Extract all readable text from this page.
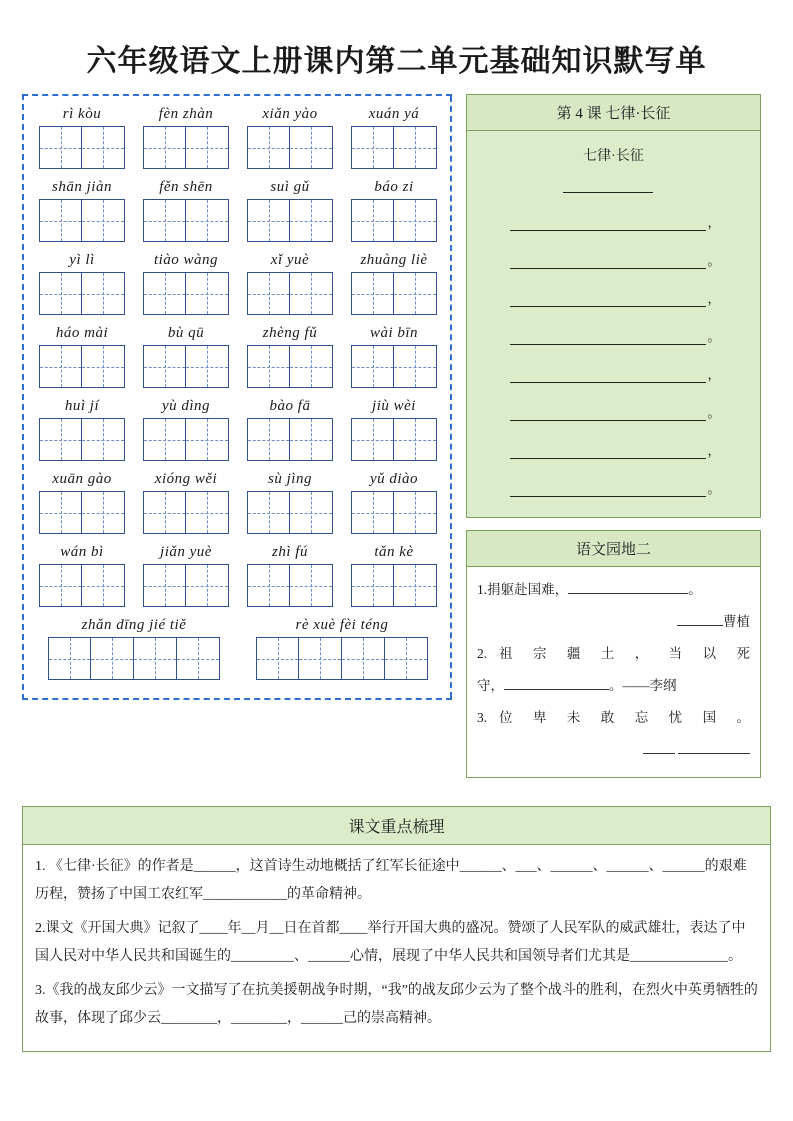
六年级语文上册课内第二单元基础知识默写单
rì kòu	fèn zhàn	xiǎn yào	xuán yá
shān jiàn	fěn shēn	suì gǔ	báo zi
yì lì	tiào wàng	xǐ yuè	zhuàng liè
háo mài	bù qū	zhèng fǔ	wài bīn
huì jí	yù dìng	bào fā	jiù wèi
xuān gào	xióng wěi	sù jìng	yǔ diào
wán bì	jiǎn yuè	zhì fú	tǎn kè
zhǎn dīng jié tiě	rè xuè fèi téng
第 4 课 七律·长征
七律·长征
，
。
，
。
，
。
，
。
语文园地二
1.捐躯赴国难，	。
曹植
2. 祖 宗 疆 土 ， 当 以 死
守，	。——李纲
3. 位 卑 未 敢 忘 忧 国 。

课文重点梳理
1. 《七律·长征》的作者是______，这首诗生动地概括了红军长征途中______、___、______、______、______的艰难历程，赞扬了中国工农红军____________的革命精神。
2.课文《开国大典》记叙了____年__月__日在首都____举行开国大典的盛况。赞颂了人民军队的威武雄壮，表达了中国人民对中华人民共和国诞生的_________、______心情，展现了中华人民共和国领导者们尤其是______________。
3.《我的战友邱少云》一文描写了在抗美援朝战争时期，“我”的战友邱少云为了整个战斗的胜利，在烈火中英勇牺牲的故事，体现了邱少云________，________，______己的崇高精神。
